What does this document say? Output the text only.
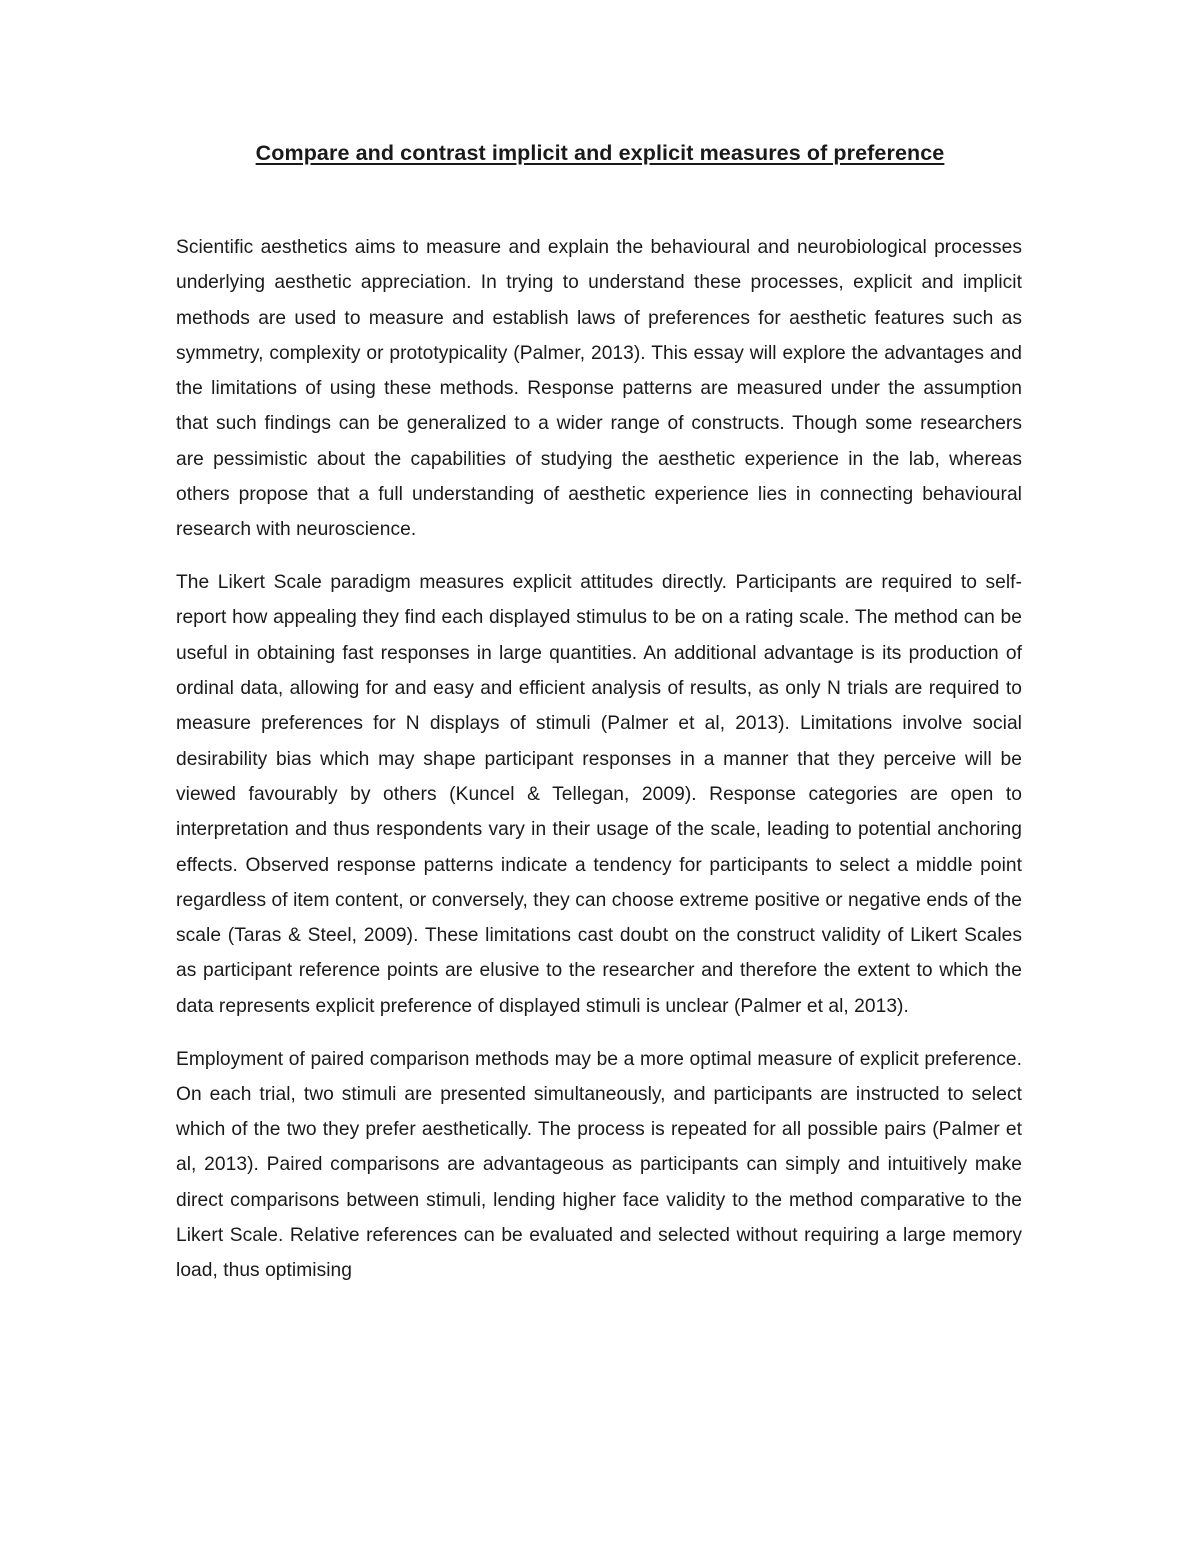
Compare and contrast implicit and explicit measures of preference

Scientific aesthetics aims to measure and explain the behavioural and neurobiological processes underlying aesthetic appreciation. In trying to understand these processes, explicit and implicit methods are used to measure and establish laws of preferences for aesthetic features such as symmetry, complexity or prototypicality (Palmer, 2013). This essay will explore the advantages and the limitations of using these methods. Response patterns are measured under the assumption that such findings can be generalized to a wider range of constructs. Though some researchers are pessimistic about the capabilities of studying the aesthetic experience in the lab, whereas others propose that a full understanding of aesthetic experience lies in connecting behavioural research with neuroscience.

The Likert Scale paradigm measures explicit attitudes directly. Participants are required to self-report how appealing they find each displayed stimulus to be on a rating scale. The method can be useful in obtaining fast responses in large quantities. An additional advantage is its production of ordinal data, allowing for and easy and efficient analysis of results, as only N trials are required to measure preferences for N displays of stimuli (Palmer et al, 2013). Limitations involve social desirability bias which may shape participant responses in a manner that they perceive will be viewed favourably by others (Kuncel & Tellegan, 2009). Response categories are open to interpretation and thus respondents vary in their usage of the scale, leading to potential anchoring effects. Observed response patterns indicate a tendency for participants to select a middle point regardless of item content, or conversely, they can choose extreme positive or negative ends of the scale (Taras & Steel, 2009). These limitations cast doubt on the construct validity of Likert Scales as participant reference points are elusive to the researcher and therefore the extent to which the data represents explicit preference of displayed stimuli is unclear (Palmer et al, 2013).

Employment of paired comparison methods may be a more optimal measure of explicit preference. On each trial, two stimuli are presented simultaneously, and participants are instructed to select which of the two they prefer aesthetically. The process is repeated for all possible pairs (Palmer et al, 2013). Paired comparisons are advantageous as participants can simply and intuitively make direct comparisons between stimuli, lending higher face validity to the method comparative to the Likert Scale. Relative references can be evaluated and selected without requiring a large memory load, thus optimising
